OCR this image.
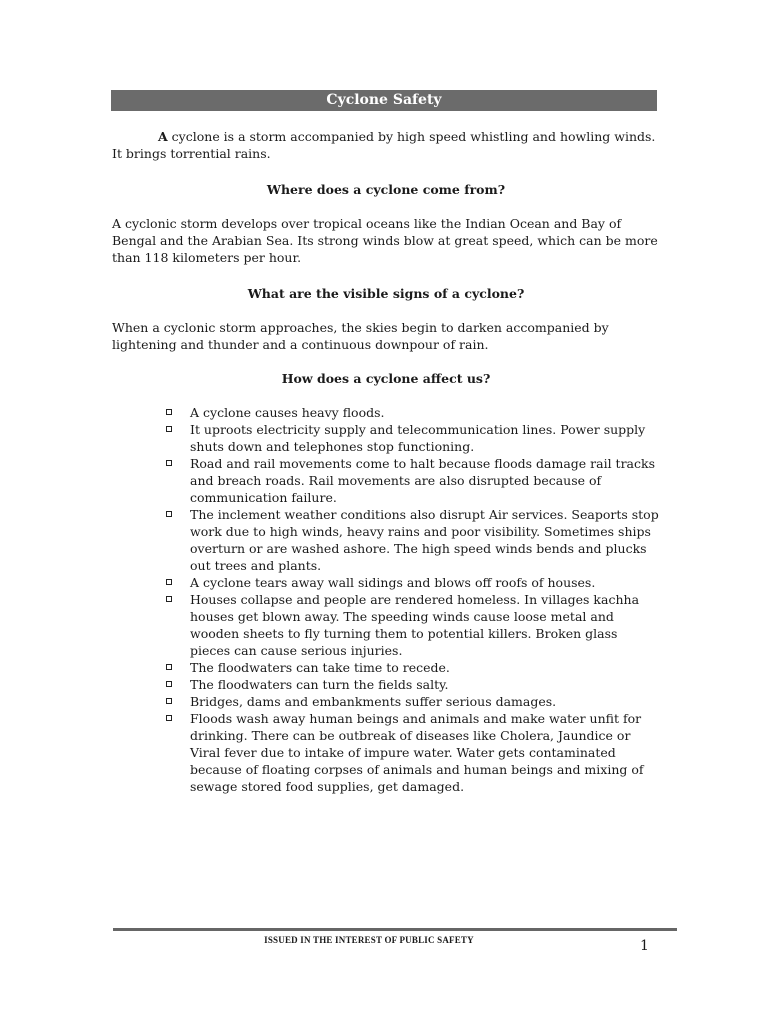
Cyclone Safety

A cyclone is a storm accompanied by high speed whistling and howling winds. It brings torrential rains.

Where does a cyclone come from?

A cyclonic storm develops over tropical oceans like the Indian Ocean and Bay of Bengal and the Arabian Sea. Its strong winds blow at great speed, which can be more than 118 kilometers per hour.

What are the visible signs of a cyclone?

When a cyclonic storm approaches, the skies begin to darken accompanied by lightening and thunder and a continuous downpour of rain.

How does a cyclone affect us?

A cyclone causes heavy floods.
It uproots electricity supply and telecommunication lines. Power supply shuts down and telephones stop functioning.
Road and rail movements come to halt because floods damage rail tracks and breach roads. Rail movements are also disrupted because of communication failure.
The inclement weather conditions also disrupt Air services. Seaports stop work due to high winds, heavy rains and poor visibility. Sometimes ships overturn or are washed ashore. The high speed winds bends and plucks out trees and plants.
A cyclone tears away wall sidings and blows off roofs of houses.
Houses collapse and people are rendered homeless. In villages kachha houses get blown away. The speeding winds cause loose metal and wooden sheets to fly turning them to potential killers. Broken glass pieces can cause serious injuries.
The floodwaters can take time to recede.
The floodwaters can turn the fields salty.
Bridges, dams and embankments suffer serious damages.
Floods wash away human beings and animals and make water unfit for drinking. There can be outbreak of diseases like Cholera, Jaundice or Viral fever due to intake of impure water. Water gets contaminated because of floating corpses of animals and human beings and mixing of sewage stored food supplies, get damaged.
ISSUED IN THE INTEREST OF PUBLIC SAFETY	1
